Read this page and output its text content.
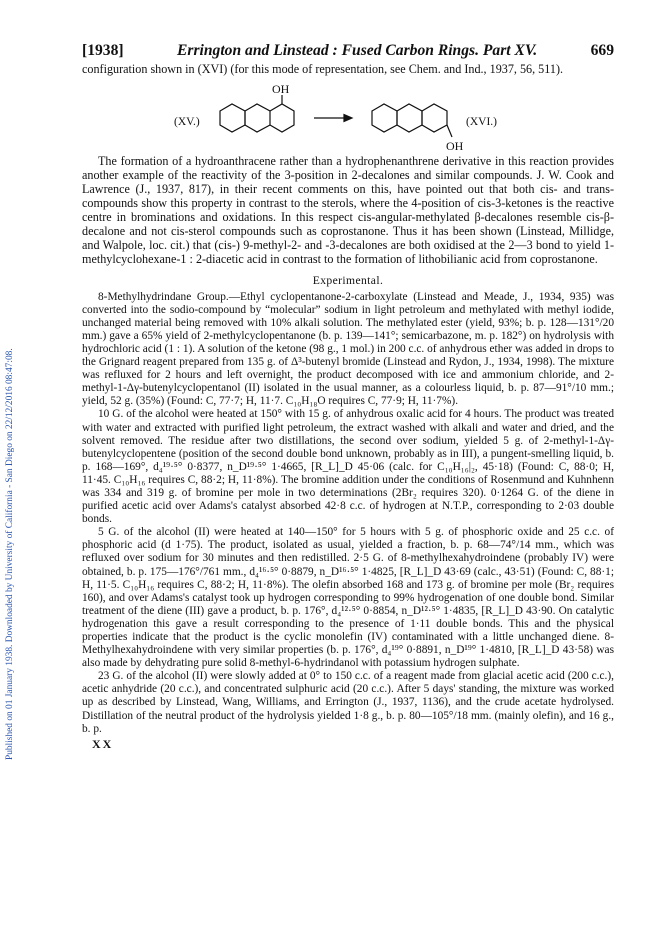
Published on 01 January 1938. Downloaded by University of California - San Diego on 22/12/2016 08:47:08.
[1938]	Errington and Linstead : Fused Carbon Rings. Part XV.	669

configuration shown in (XVI) (for this mode of representation, see Chem. and Ind., 1937, 56, 511).

(XV.)
OH
OH
(XVI.)

The formation of a hydroanthracene rather than a hydrophenanthrene derivative in this reaction provides another example of the reactivity of the 3-position in 2-decalones and similar compounds. J. W. Cook and Lawrence (J., 1937, 817), in their recent comments on this, have pointed out that both cis- and trans-compounds show this property in contrast to the sterols, where the 4-position of cis-3-ketones is the reactive centre in brominations and oxidations. In this respect cis-angular-methylated β-decalones resemble cis-β-decalone and not cis-sterol compounds such as coprostanone. Thus it has been shown (Linstead, Millidge, and Walpole, loc. cit.) that (cis-) 9-methyl-2- and -3-decalones are both oxidised at the 2—3 bond to yield 1-methylcyclohexane-1 : 2-diacetic acid in contrast to the formation of lithobilianic acid from coprostanone.

Experimental.

8-Methylhydrindane Group.—Ethyl cyclopentanone-2-carboxylate (Linstead and Meade, J., 1934, 935) was converted into the sodio-compound by “molecular” sodium in light petroleum and methylated with methyl iodide, unchanged material being removed with 10% alkali solution. The methylated ester (yield, 93%; b. p. 128—131°/20 mm.) gave a 65% yield of 2-methylcyclopentanone (b. p. 139—141°; semicarbazone, m. p. 182°) on hydrolysis with hydrochloric acid (1 : 1). A solution of the ketone (98 g., 1 mol.) in 200 c.c. of anhydrous ether was added in drops to the Grignard reagent prepared from 135 g. of Δ³-butenyl bromide (Linstead and Rydon, J., 1934, 1998). The mixture was refluxed for 2 hours and left overnight, the product decomposed with ice and ammonium chloride, and 2-methyl-1-Δγ-butenylcyclopentanol (II) isolated in the usual manner, as a colourless liquid, b. p. 87—91°/10 mm.; yield, 52 g. (35%) (Found: C, 77·7; H, 11·7. C₁₀H₁₈O requires C, 77·9; H, 11·7%).

10 G. of the alcohol were heated at 150° with 15 g. of anhydrous oxalic acid for 4 hours. The product was treated with water and extracted with purified light petroleum, the extract washed with alkali and water and dried, and the solvent removed. The residue after two distillations, the second over sodium, yielded 5 g. of 2-methyl-1-Δγ-butenylcyclopentene (position of the second double bond unknown, probably as in III), a pungent-smelling liquid, b. p. 168—169°, d₄¹⁹·⁵° 0·8377, n_D¹⁹·⁵° 1·4665, [R_L]_D 45·06 (calc. for C₁₀H₁₆|₂, 45·18) (Found: C, 88·0; H, 11·45. C₁₀H₁₆ requires C, 88·2; H, 11·8%). The bromine addition under the conditions of Rosenmund and Kuhnhenn was 334 and 319 g. of bromine per mole in two determinations (2Br₂ requires 320). 0·1264 G. of the diene in purified acetic acid over Adams's catalyst absorbed 42·8 c.c. of hydrogen at N.T.P., corresponding to 2·03 double bonds.

5 G. of the alcohol (II) were heated at 140—150° for 5 hours with 5 g. of phosphoric oxide and 25 c.c. of phosphoric acid (d 1·75). The product, isolated as usual, yielded a fraction, b. p. 68—74°/14 mm., which was refluxed over sodium for 30 minutes and then redistilled. 2·5 G. of 8-methylhexahydroindene (probably IV) were obtained, b. p. 175—176°/761 mm., d₄¹⁶·⁵° 0·8879, n_D¹⁶·⁵° 1·4825, [R_L]_D 43·69 (calc., 43·51) (Found: C, 88·1; H, 11·5. C₁₀H₁₆ requires C, 88·2; H, 11·8%). The olefin absorbed 168 and 173 g. of bromine per mole (Br₂ requires 160), and over Adams's catalyst took up hydrogen corresponding to 99% hydrogenation of one double bond. Similar treatment of the diene (III) gave a product, b. p. 176°, d₄¹²·⁵° 0·8854, n_D¹²·⁵° 1·4835, [R_L]_D 43·90. On catalytic hydrogenation this gave a result corresponding to the presence of 1·11 double bonds. This and the physical properties indicate that the product is the cyclic monolefin (IV) contaminated with a little unchanged diene. 8-Methylhexahydroindene with very similar properties (b. p. 176°, d₄¹⁹° 0·8891, n_D¹⁹° 1·4810, [R_L]_D 43·58) was also made by dehydrating pure solid 8-methyl-6-hydrindanol with potassium hydrogen sulphate.

23 G. of the alcohol (II) were slowly added at 0° to 150 c.c. of a reagent made from glacial acetic acid (200 c.c.), acetic anhydride (20 c.c.), and concentrated sulphuric acid (20 c.c.). After 5 days' standing, the mixture was worked up as described by Linstead, Wang, Williams, and Errington (J., 1937, 1136), and the crude acetate hydrolysed. Distillation of the neutral product of the hydrolysis yielded 1·8 g., b. p. 80—105°/18 mm. (mainly olefin), and 16 g., b. p.

XX
